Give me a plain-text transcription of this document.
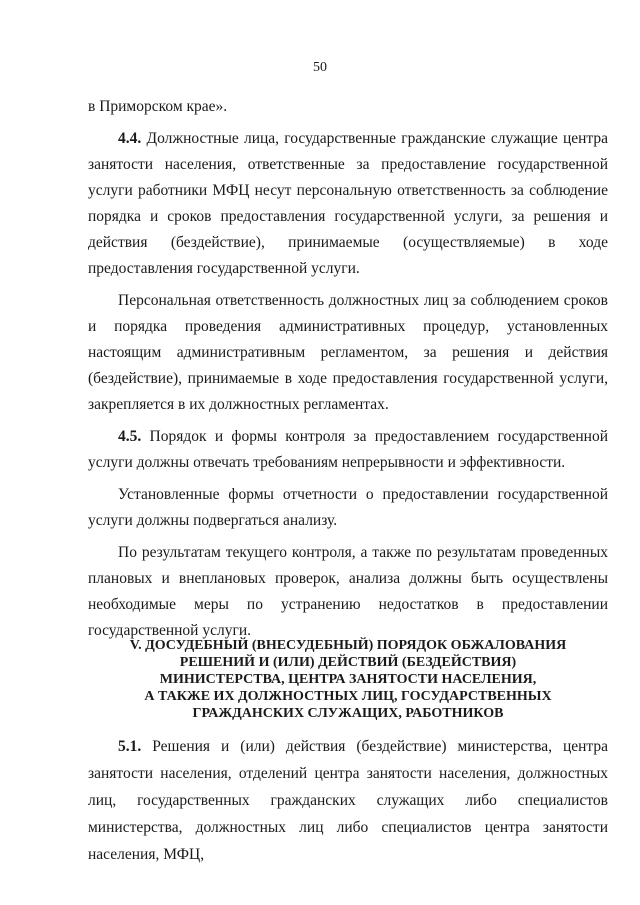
50

в Приморском крае».

4.4. Должностные лица, государственные гражданские служащие центра занятости населения, ответственные за предоставление государственной услуги работники МФЦ несут персональную ответственность за соблюдение порядка и сроков предоставления государственной услуги, за решения и действия (бездействие), принимаемые (осуществляемые) в ходе предоставления государственной услуги.

Персональная ответственность должностных лиц за соблюдением сроков и порядка проведения административных процедур, установленных настоящим административным регламентом, за решения и действия (бездействие), принимаемые в ходе предоставления государственной услуги, закрепляется в их должностных регламентах.

4.5. Порядок и формы контроля за предоставлением государственной услуги должны отвечать требованиям непрерывности и эффективности.

Установленные формы отчетности о предоставлении государственной услуги должны подвергаться анализу.

По результатам текущего контроля, а также по результатам проведенных плановых и внеплановых проверок, анализа должны быть осуществлены необходимые меры по устранению недостатков в предоставлении государственной услуги.

V. ДОСУДЕБНЫЙ (ВНЕСУДЕБНЫЙ) ПОРЯДОК ОБЖАЛОВАНИЯ
РЕШЕНИЙ И (ИЛИ) ДЕЙСТВИЙ (БЕЗДЕЙСТВИЯ)
МИНИСТЕРСТВА, ЦЕНТРА ЗАНЯТОСТИ НАСЕЛЕНИЯ,
А ТАКЖЕ ИХ ДОЛЖНОСТНЫХ ЛИЦ, ГОСУДАРСТВЕННЫХ
ГРАЖДАНСКИХ СЛУЖАЩИХ, РАБОТНИКОВ

5.1. Решения и (или) действия (бездействие) министерства, центра занятости населения, отделений центра занятости населения, должностных лиц, государственных гражданских служащих либо специалистов министерства, должностных лиц либо специалистов центра занятости населения, МФЦ,
